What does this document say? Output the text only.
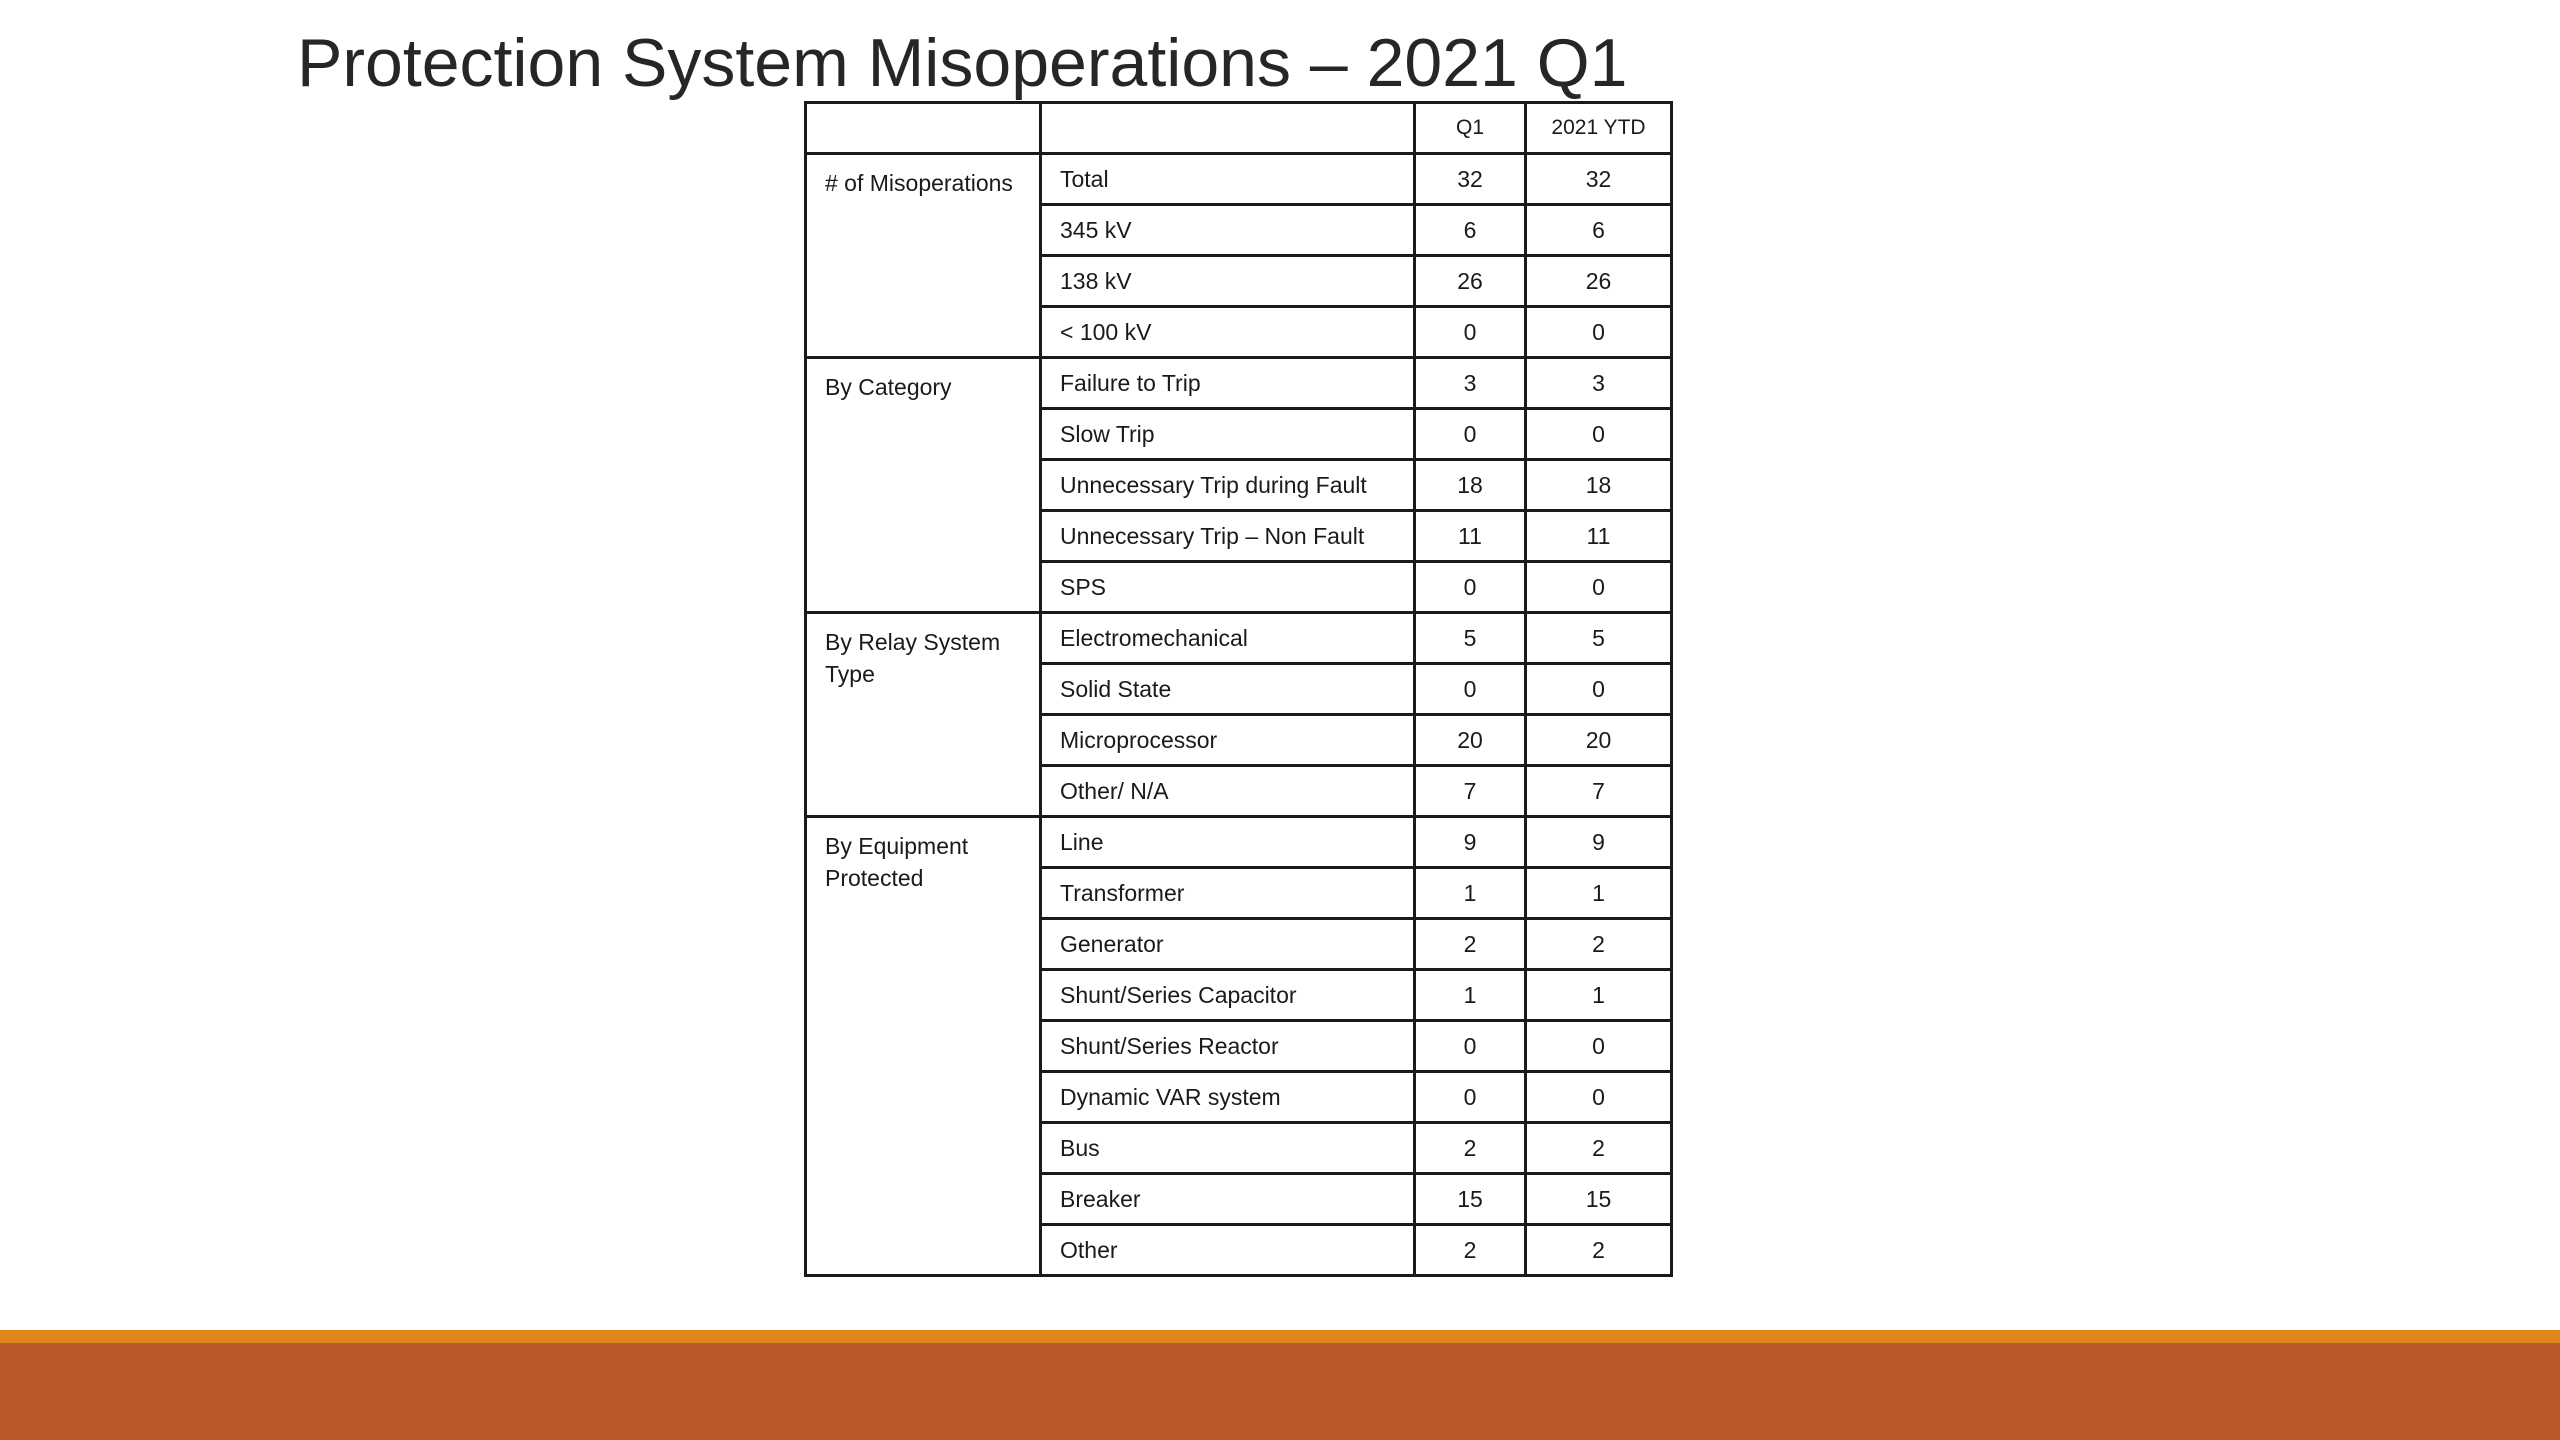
Protection System Misoperations – 2021 Q1
		Q1	2021 YTD
# of Misoperations	Total	32	32
	345 kV	6	6
	138 kV	26	26
	< 100 kV	0	0
By Category	Failure to Trip	3	3
	Slow Trip	0	0
	Unnecessary Trip during Fault	18	18
	Unnecessary Trip – Non Fault	11	11
	SPS	0	0
By Relay System Type	Electromechanical	5	5
	Solid State	0	0
	Microprocessor	20	20
	Other/ N/A	7	7
By Equipment Protected	Line	9	9
	Transformer	1	1
	Generator	2	2
	Shunt/Series Capacitor	1	1
	Shunt/Series Reactor	0	0
	Dynamic VAR system	0	0
	Bus	2	2
	Breaker	15	15
	Other	2	2
